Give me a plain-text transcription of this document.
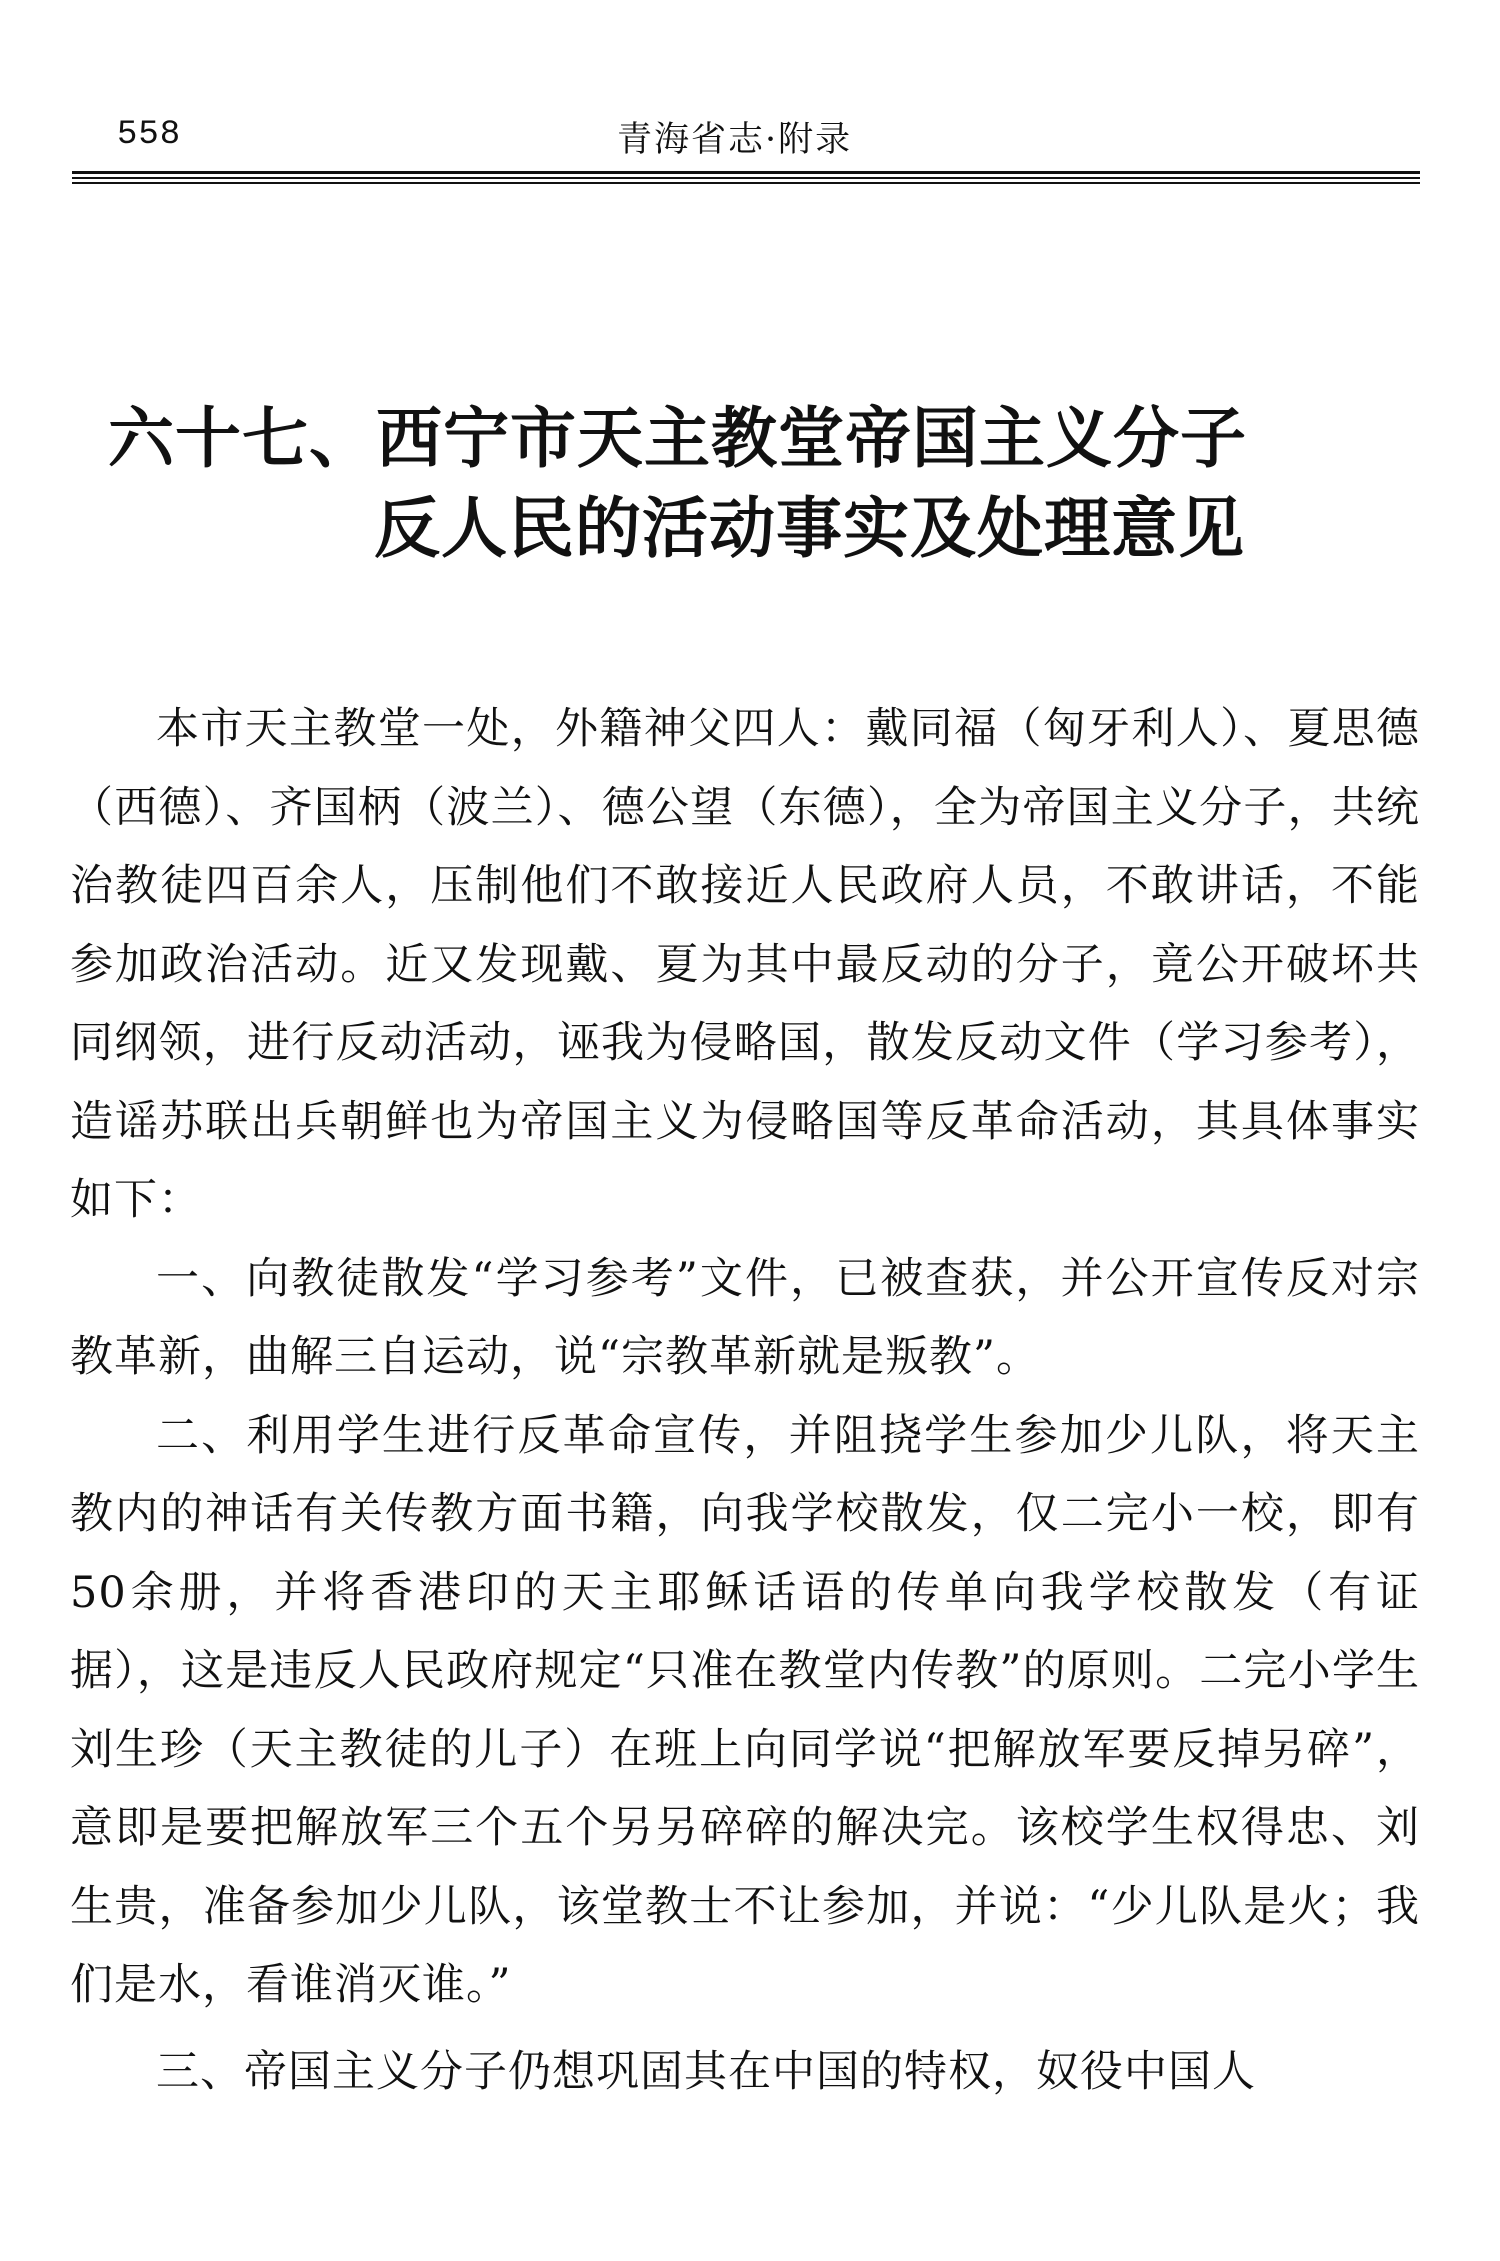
558	青海省志·附录
六十七、西宁市天主教堂帝国主义分子
反人民的活动事实及处理意见

本市天主教堂一处，外籍神父四人：戴同福（匈牙利人）、夏思德（西德）、齐国柄（波兰）、德公望（东德），全为帝国主义分子，共统治教徒四百余人，压制他们不敢接近人民政府人员，不敢讲话，不能参加政治活动。近又发现戴、夏为其中最反动的分子，竟公开破坏共同纲领，进行反动活动，诬我为侵略国，散发反动文件（学习参考），造谣苏联出兵朝鲜也为帝国主义为侵略国等反革命活动，其具体事实如下：

一、向教徒散发“学习参考”文件，已被查获，并公开宣传反对宗教革新，曲解三自运动，说“宗教革新就是叛教”。

二、利用学生进行反革命宣传，并阻挠学生参加少儿队，将天主教内的神话有关传教方面书籍，向我学校散发，仅二完小一校，即有50余册，并将香港印的天主耶稣话语的传单向我学校散发（有证据），这是违反人民政府规定“只准在教堂内传教”的原则。二完小学生刘生珍（天主教徒的儿子）在班上向同学说“把解放军要反掉另碎”，意即是要把解放军三个五个另另碎碎的解决完。该校学生权得忠、刘生贵，准备参加少儿队，该堂教士不让参加，并说：“少儿队是火；我们是水，看谁消灭谁。”

三、帝国主义分子仍想巩固其在中国的特权，奴役中国人
